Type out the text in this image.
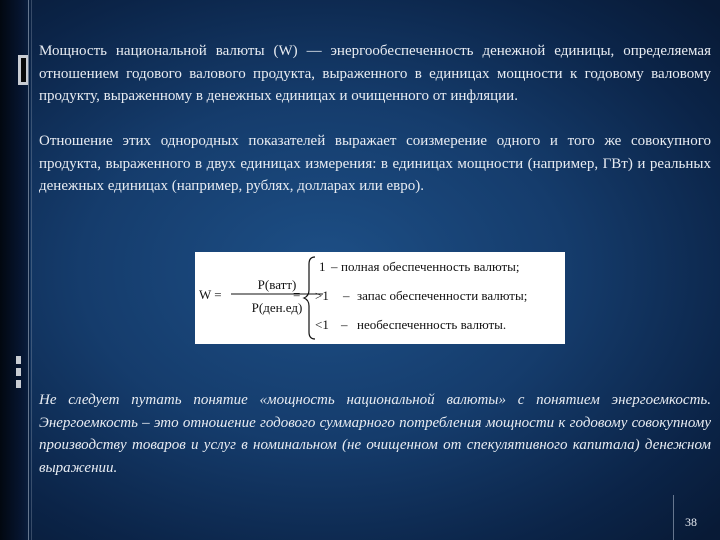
Мощность национальной валюты (W) — энергообеспеченность денежной единицы, определяемая отношением годового валового продукта, выраженного в единицах мощности к годовому валовому продукту, выраженному в денежных единицах и очищенного от инфляции.

Отношение этих однородных показателей выражает соизмерение одного и того же совокупного продукта, выраженного в двух единицах измерения: в единицах мощности (например, ГВт) и реальных денежных единицах (например, рублях, долларах или евро).

W =
P(ватт)
P(ден.ед)
=
1 – полная обеспеченность валюты;
>1 – запас обеспеченности валюты;
<1 – необеспеченность валюты.

Не следует путать понятие «мощность национальной валюты» с понятием энергоемкость. Энергоемкость – это отношение годового суммарного потребления мощности к годовому совокупному производству товаров и услуг в номинальном (не очищенном от спекулятивного капитала) денежном выражении.

38
